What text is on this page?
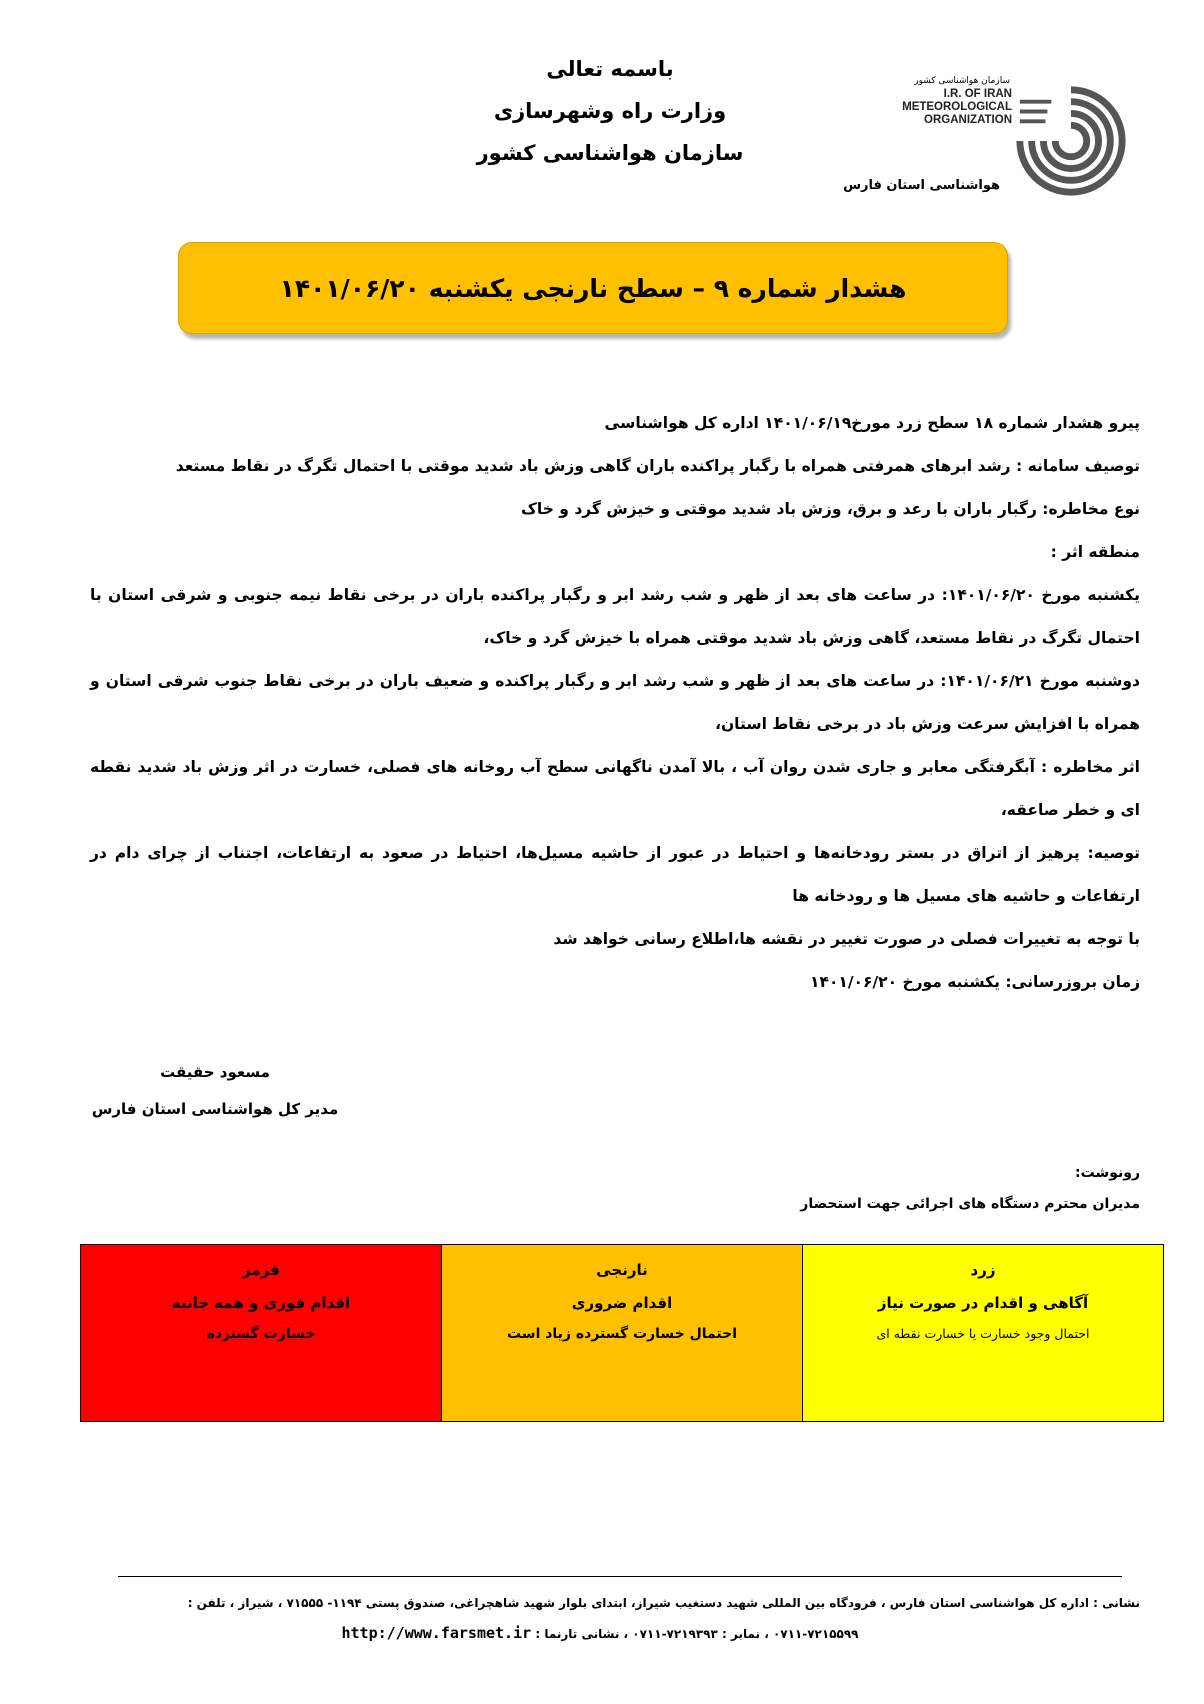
باسمه تعالی
وزارت راه وشهرسازی
سازمان هواشناسی کشور
سازمان هواشناسی کشور
I.R. OF IRAN
METEOROLOGICAL
ORGANIZATION
هواشناسی استان فارس
هشدار شماره ۹ – سطح نارنجی یکشنبه ۱۴۰۱/۰۶/۲۰

پیرو هشدار شماره ۱۸ سطح زرد مورخ۱۴۰۱/۰۶/۱۹ اداره کل هواشناسی

توصیف سامانه : رشد ابرهای همرفتی همراه با رگبار پراکنده باران گاهی وزش باد شدید موقتی با احتمال تگرگ در نقاط مستعد

نوع مخاطره: رگبار باران با رعد و برق، وزش باد شدید موقتی و خیزش گرد و خاک

منطقه اثر :

یکشنبه مورخ ۱۴۰۱/۰۶/۲۰: در ساعت های بعد از ظهر و شب رشد ابر و رگبار پراکنده باران در برخی نقاط نیمه جنوبی و شرقی استان با احتمال تگرگ در نقاط مستعد، گاهی وزش باد شدید موقتی همراه با خیزش گرد و خاک،

دوشنبه مورخ ۱۴۰۱/۰۶/۲۱: در ساعت های بعد از ظهر و شب رشد ابر و رگبار پراکنده و ضعیف باران در برخی نقاط جنوب شرقی استان و همراه با افزایش سرعت وزش باد در برخی نقاط استان،

اثر مخاطره : آبگرفتگی معابر و جاری شدن روان آب ، بالا آمدن ناگهانی سطح آب روخانه های فصلی، خسارت در اثر وزش باد شدید نقطه ای و خطر صاعقه،

توصیه: پرهیز از اتراق در بستر رودخانه‌ها و احتیاط در عبور از حاشیه مسیل‌ها، احتیاط در صعود به ارتفاعات، اجتناب از چرای دام در ارتفاعات و حاشیه های مسیل ها و رودخانه ها

با توجه به تغییرات فصلی در صورت تغییر در نقشه ها،اطلاع رسانی خواهد شد

زمان بروزرسانی: یکشنبه مورخ ۱۴۰۱/۰۶/۲۰

مسعود حقیقت
مدیر کل هواشناسی استان فارس
رونوشت:
مدیران محترم دستگاه های اجرائی جهت استحضار
زرد
آگاهی و اقدام در صورت نیاز
احتمال وجود خسارت یا خسارت نقطه ای
نارنجی
اقدام ضروری
احتمال خسارت گسترده زیاد است
قرمز
اقدام فوری و همه جانبه
خسارت گسترده
نشانی : اداره کل هواشناسی استان فارس ، فرودگاه بین المللی شهید دستغیب شیراز، ابتدای بلوار شهید شاهچراغی، صندوق پستی ۱۱۹۴- ۷۱۵۵۵ ، شیراز ، تلفن :
۰۷۱۱-۷۲۱۵۵۹۹ ، نمابر : ۷۲۱۹۳۹۳-۰۷۱۱ ، نشانی تارنما : http://www.farsmet.ir
